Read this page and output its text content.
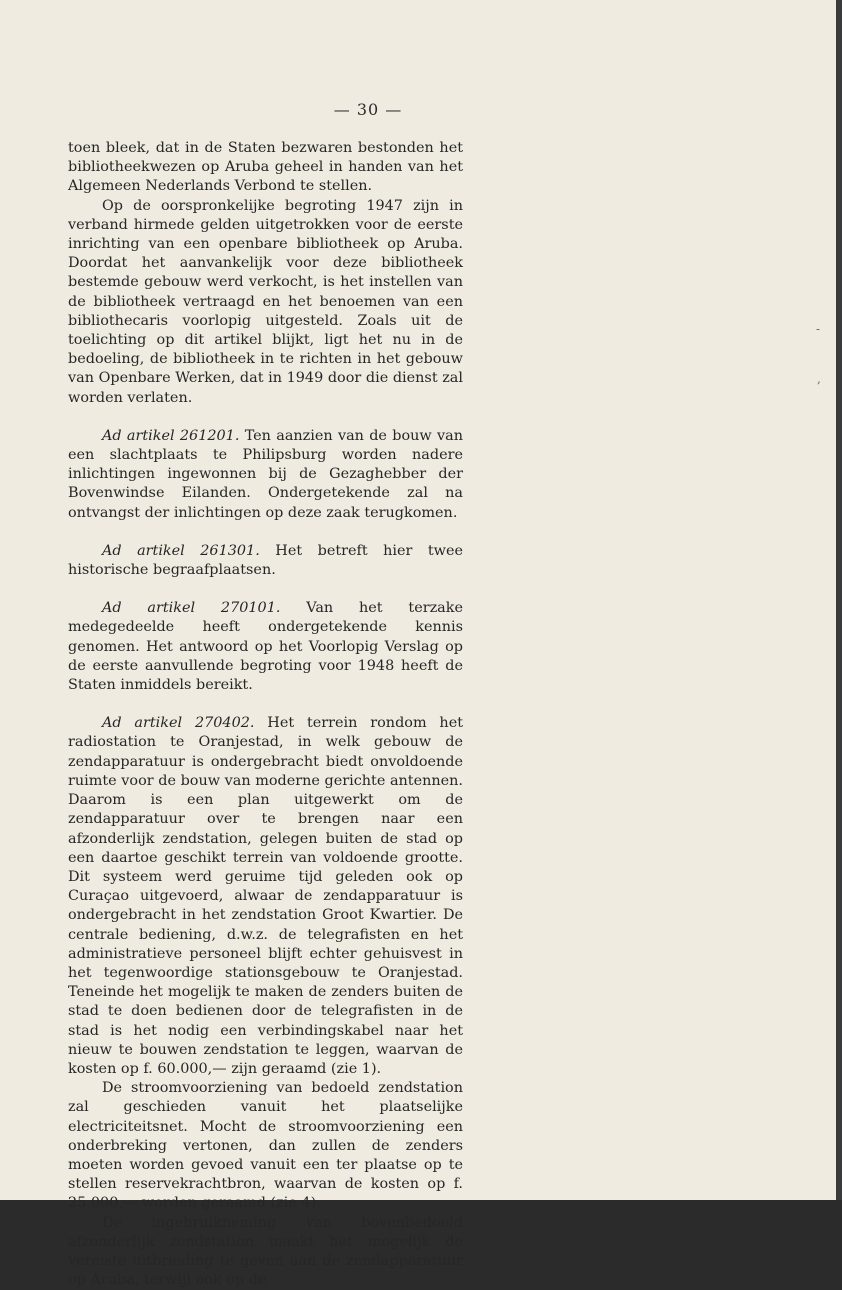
— 30 —

toen bleek, dat in de Staten bezwaren bestonden het bibliotheekwezen op Aruba geheel in handen van het Algemeen Nederlands Verbond te stellen.

Op de oorspronkelijke begroting 1947 zijn in verband hirmede gelden uitgetrokken voor de eerste inrichting van een openbare bibliotheek op Aruba. Doordat het aanvankelijk voor deze bibliotheek bestemde gebouw werd verkocht, is het instellen van de bibliotheek vertraagd en het benoemen van een bibliothecaris voorlopig uitgesteld. Zoals uit de toelichting op dit artikel blijkt, ligt het nu in de bedoeling, de bibliotheek in te richten in het gebouw van Openbare Werken, dat in 1949 door die dienst zal worden verlaten.

Ad artikel 261201. Ten aanzien van de bouw van een slachtplaats te Philipsburg worden nadere inlichtingen ingewonnen bij de Gezaghebber der Bovenwindse Eilanden. Ondergetekende zal na ontvangst der inlichtingen op deze zaak terugkomen.

Ad artikel 261301. Het betreft hier twee historische begraafplaatsen.

Ad artikel 270101. Van het terzake medegedeelde heeft ondergetekende kennis genomen. Het antwoord op het Voorlopig Verslag op de eerste aanvullende begroting voor 1948 heeft de Staten inmiddels bereikt.

Ad artikel 270402. Het terrein rondom het radiostation te Oranjestad, in welk gebouw de zendapparatuur is ondergebracht biedt onvoldoende ruimte voor de bouw van moderne gerichte antennen. Daarom is een plan uitgewerkt om de zendapparatuur over te brengen naar een afzonderlijk zendstation, gelegen buiten de stad op een daartoe geschikt terrein van voldoende grootte. Dit systeem werd geruime tijd geleden ook op Curaçao uitgevoerd, alwaar de zendapparatuur is ondergebracht in het zendstation Groot Kwartier. De centrale bediening, d.w.z. de telegrafisten en het administratieve personeel blijft echter gehuisvest in het tegenwoordige stationsgebouw te Oranjestad. Teneinde het mogelijk te maken de zenders buiten de stad te doen bedienen door de telegrafisten in de stad is het nodig een verbindingskabel naar het nieuw te bouwen zendstation te leggen, waarvan de kosten op f. 60.000,— zijn geraamd (zie 1).

De stroomvoorziening van bedoeld zendstation zal geschieden vanuit het plaatselijke electriciteitsnet. Mocht de stroomvoorziening een onderbreking vertonen, dan zullen de zenders moeten worden gevoed vanuit een ter plaatse op te stellen reservekrachtbron, waarvan de kosten op f. 25.000,— worden geraamd (zie 4).

De ingebruikneming van bovenbedoeld afzonderlijk zendstation maakt het mogelijk de vereiste uitbreiding te geven aan de zendapparatuur op Aruba, terwijl ook op de

-
,
